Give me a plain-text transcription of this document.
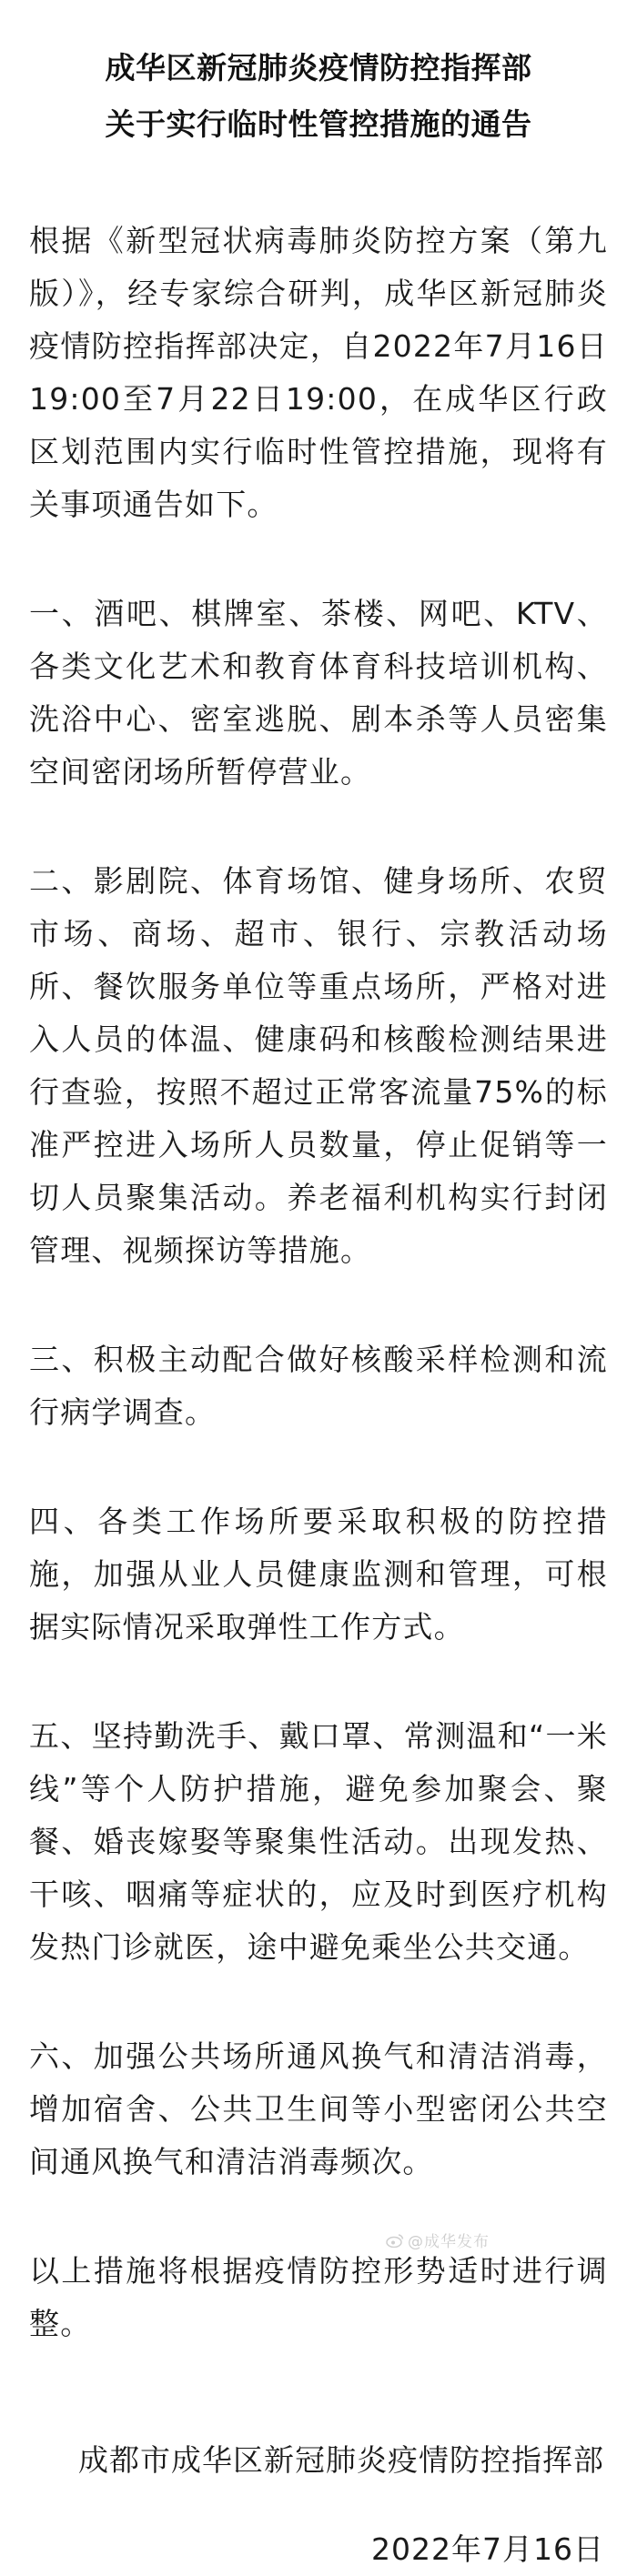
成华区新冠肺炎疫情防控指挥部
关于实行临时性管控措施的通告

根据《新型冠状病毒肺炎防控方案（第九版）》，经专家综合研判，成华区新冠肺炎疫情防控指挥部决定，自2022年7月16日19:00至7月22日19:00，在成华区行政区划范围内实行临时性管控措施，现将有关事项通告如下。

一、酒吧、棋牌室、茶楼、网吧、KTV、各类文化艺术和教育体育科技培训机构、洗浴中心、密室逃脱、剧本杀等人员密集空间密闭场所暂停营业。

二、影剧院、体育场馆、健身场所、农贸市场、商场、超市、银行、宗教活动场所、餐饮服务单位等重点场所，严格对进入人员的体温、健康码和核酸检测结果进行查验，按照不超过正常客流量75%的标准严控进入场所人员数量，停止促销等一切人员聚集活动。养老福利机构实行封闭管理、视频探访等措施。

三、积极主动配合做好核酸采样检测和流行病学调查。

四、各类工作场所要采取积极的防控措施，加强从业人员健康监测和管理，可根据实际情况采取弹性工作方式。

五、坚持勤洗手、戴口罩、常测温和“一米线”等个人防护措施，避免参加聚会、聚餐、婚丧嫁娶等聚集性活动。出现发热、干咳、咽痛等症状的，应及时到医疗机构发热门诊就医，途中避免乘坐公共交通。

六、加强公共场所通风换气和清洁消毒，增加宿舍、公共卫生间等小型密闭公共空间通风换气和清洁消毒频次。

以上措施将根据疫情防控形势适时进行调整。

成都市成华区新冠肺炎疫情防控指挥部

2022年7月16日

@成华发布
